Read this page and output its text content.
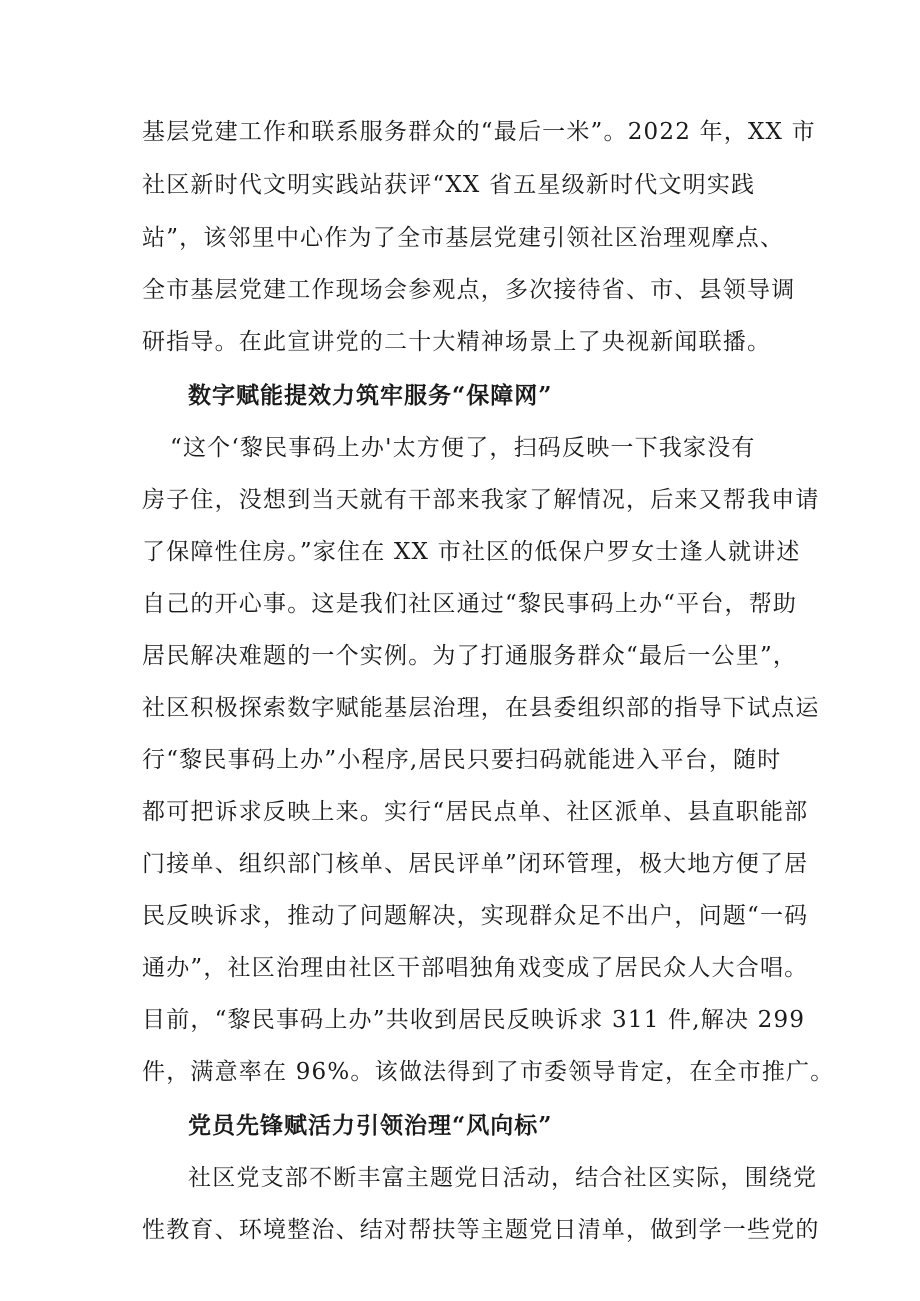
基层党建工作和联系服务群众的“最后一米”。2022 年，XX 市
社区新时代文明实践站获评“XX 省五星级新时代文明实践
站”，该邻里中心作为了全市基层党建引领社区治理观摩点、
全市基层党建工作现场会参观点，多次接待省、市、县领导调
研指导。在此宣讲党的二十大精神场景上了央视新闻联播。
数字赋能提效力筑牢服务“保障网”
“这个‘黎民事码上办'太方便了，扫码反映一下我家没有
房子住，没想到当天就有干部来我家了解情况，后来又帮我申请
了保障性住房。”家住在 XX 市社区的低保户罗女士逢人就讲述
自己的开心事。这是我们社区通过“黎民事码上办“平台，帮助
居民解决难题的一个实例。为了打通服务群众“最后一公里”，
社区积极探索数字赋能基层治理，在县委组织部的指导下试点运
行“黎民事码上办”小程序,居民只要扫码就能进入平台，随时
都可把诉求反映上来。实行“居民点单、社区派单、县直职能部
门接单、组织部门核单、居民评单”闭环管理，极大地方便了居
民反映诉求，推动了问题解决，实现群众足不出户，问题“一码
通办”，社区治理由社区干部唱独角戏变成了居民众人大合唱。
目前，“黎民事码上办”共收到居民反映诉求 311 件,解决 299
件，满意率在 96%。该做法得到了市委领导肯定，在全市推广。
党员先锋赋活力引领治理“风向标”
社区党支部不断丰富主题党日活动，结合社区实际，围绕党
性教育、环境整治、结对帮扶等主题党日清单，做到学一些党的
